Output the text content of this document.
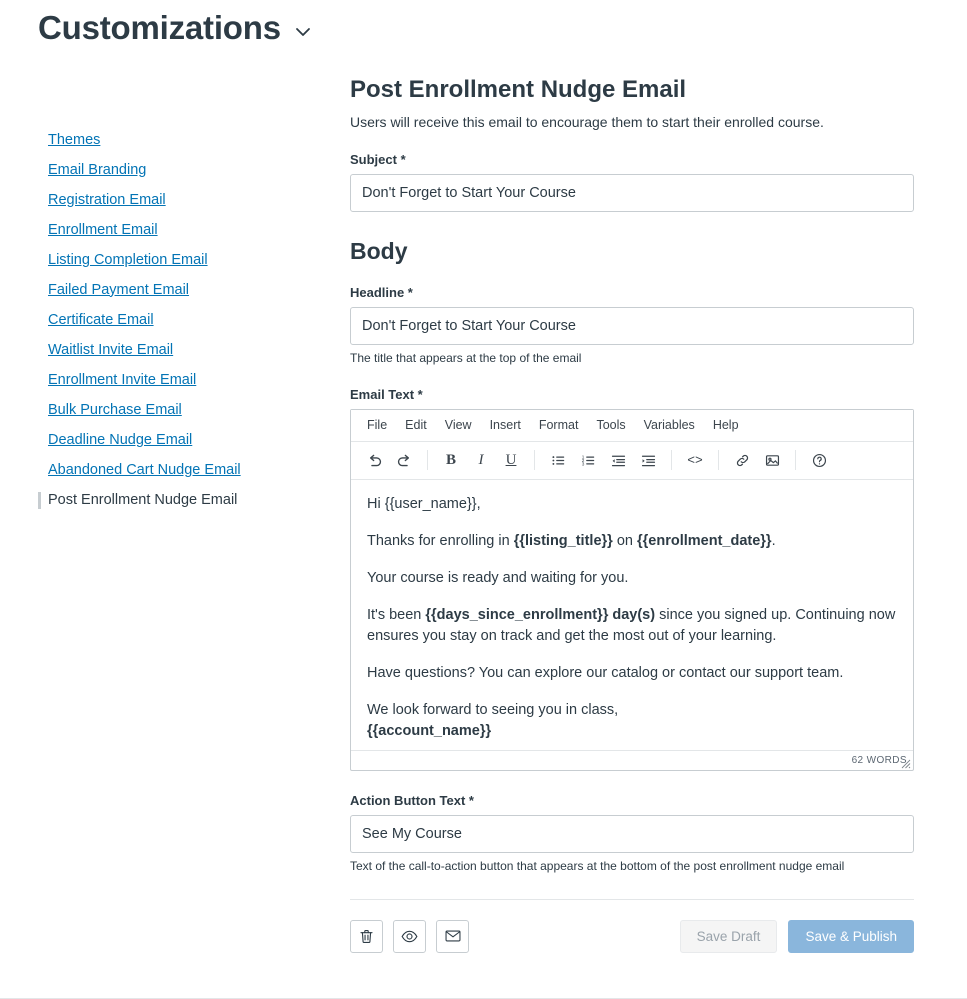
Customizations
Themes
Email Branding
Registration Email
Enrollment Email
Listing Completion Email
Failed Payment Email
Certificate Email
Waitlist Invite Email
Enrollment Invite Email
Bulk Purchase Email
Deadline Nudge Email
Abandoned Cart Nudge Email
Post Enrollment Nudge Email
Post Enrollment Nudge Email

Users will receive this email to encourage them to start their enrolled course.

Subject *
Don't Forget to Start Your Course
Body
Headline *
Don't Forget to Start Your Course
The title that appears at the top of the email
Email Text *
File	Edit	View	Insert	Format	Tools	Variables	Help
B I U	1
2
3	<>

Hi {{user_name}},

Thanks for enrolling in {{listing_title}} on {{enrollment_date}}.

Your course is ready and waiting for you.

It's been {{days_since_enrollment}} day(s) since you signed up. Continuing now ensures you stay on track and get the most out of your learning.

Have questions? You can explore our catalog or contact our support team.

We look forward to seeing you in class,
{{account_name}}

62 WORDS
Action Button Text *
See My Course
Text of the call-to-action button that appears at the bottom of the post enrollment nudge email
Save Draft	Save & Publish
